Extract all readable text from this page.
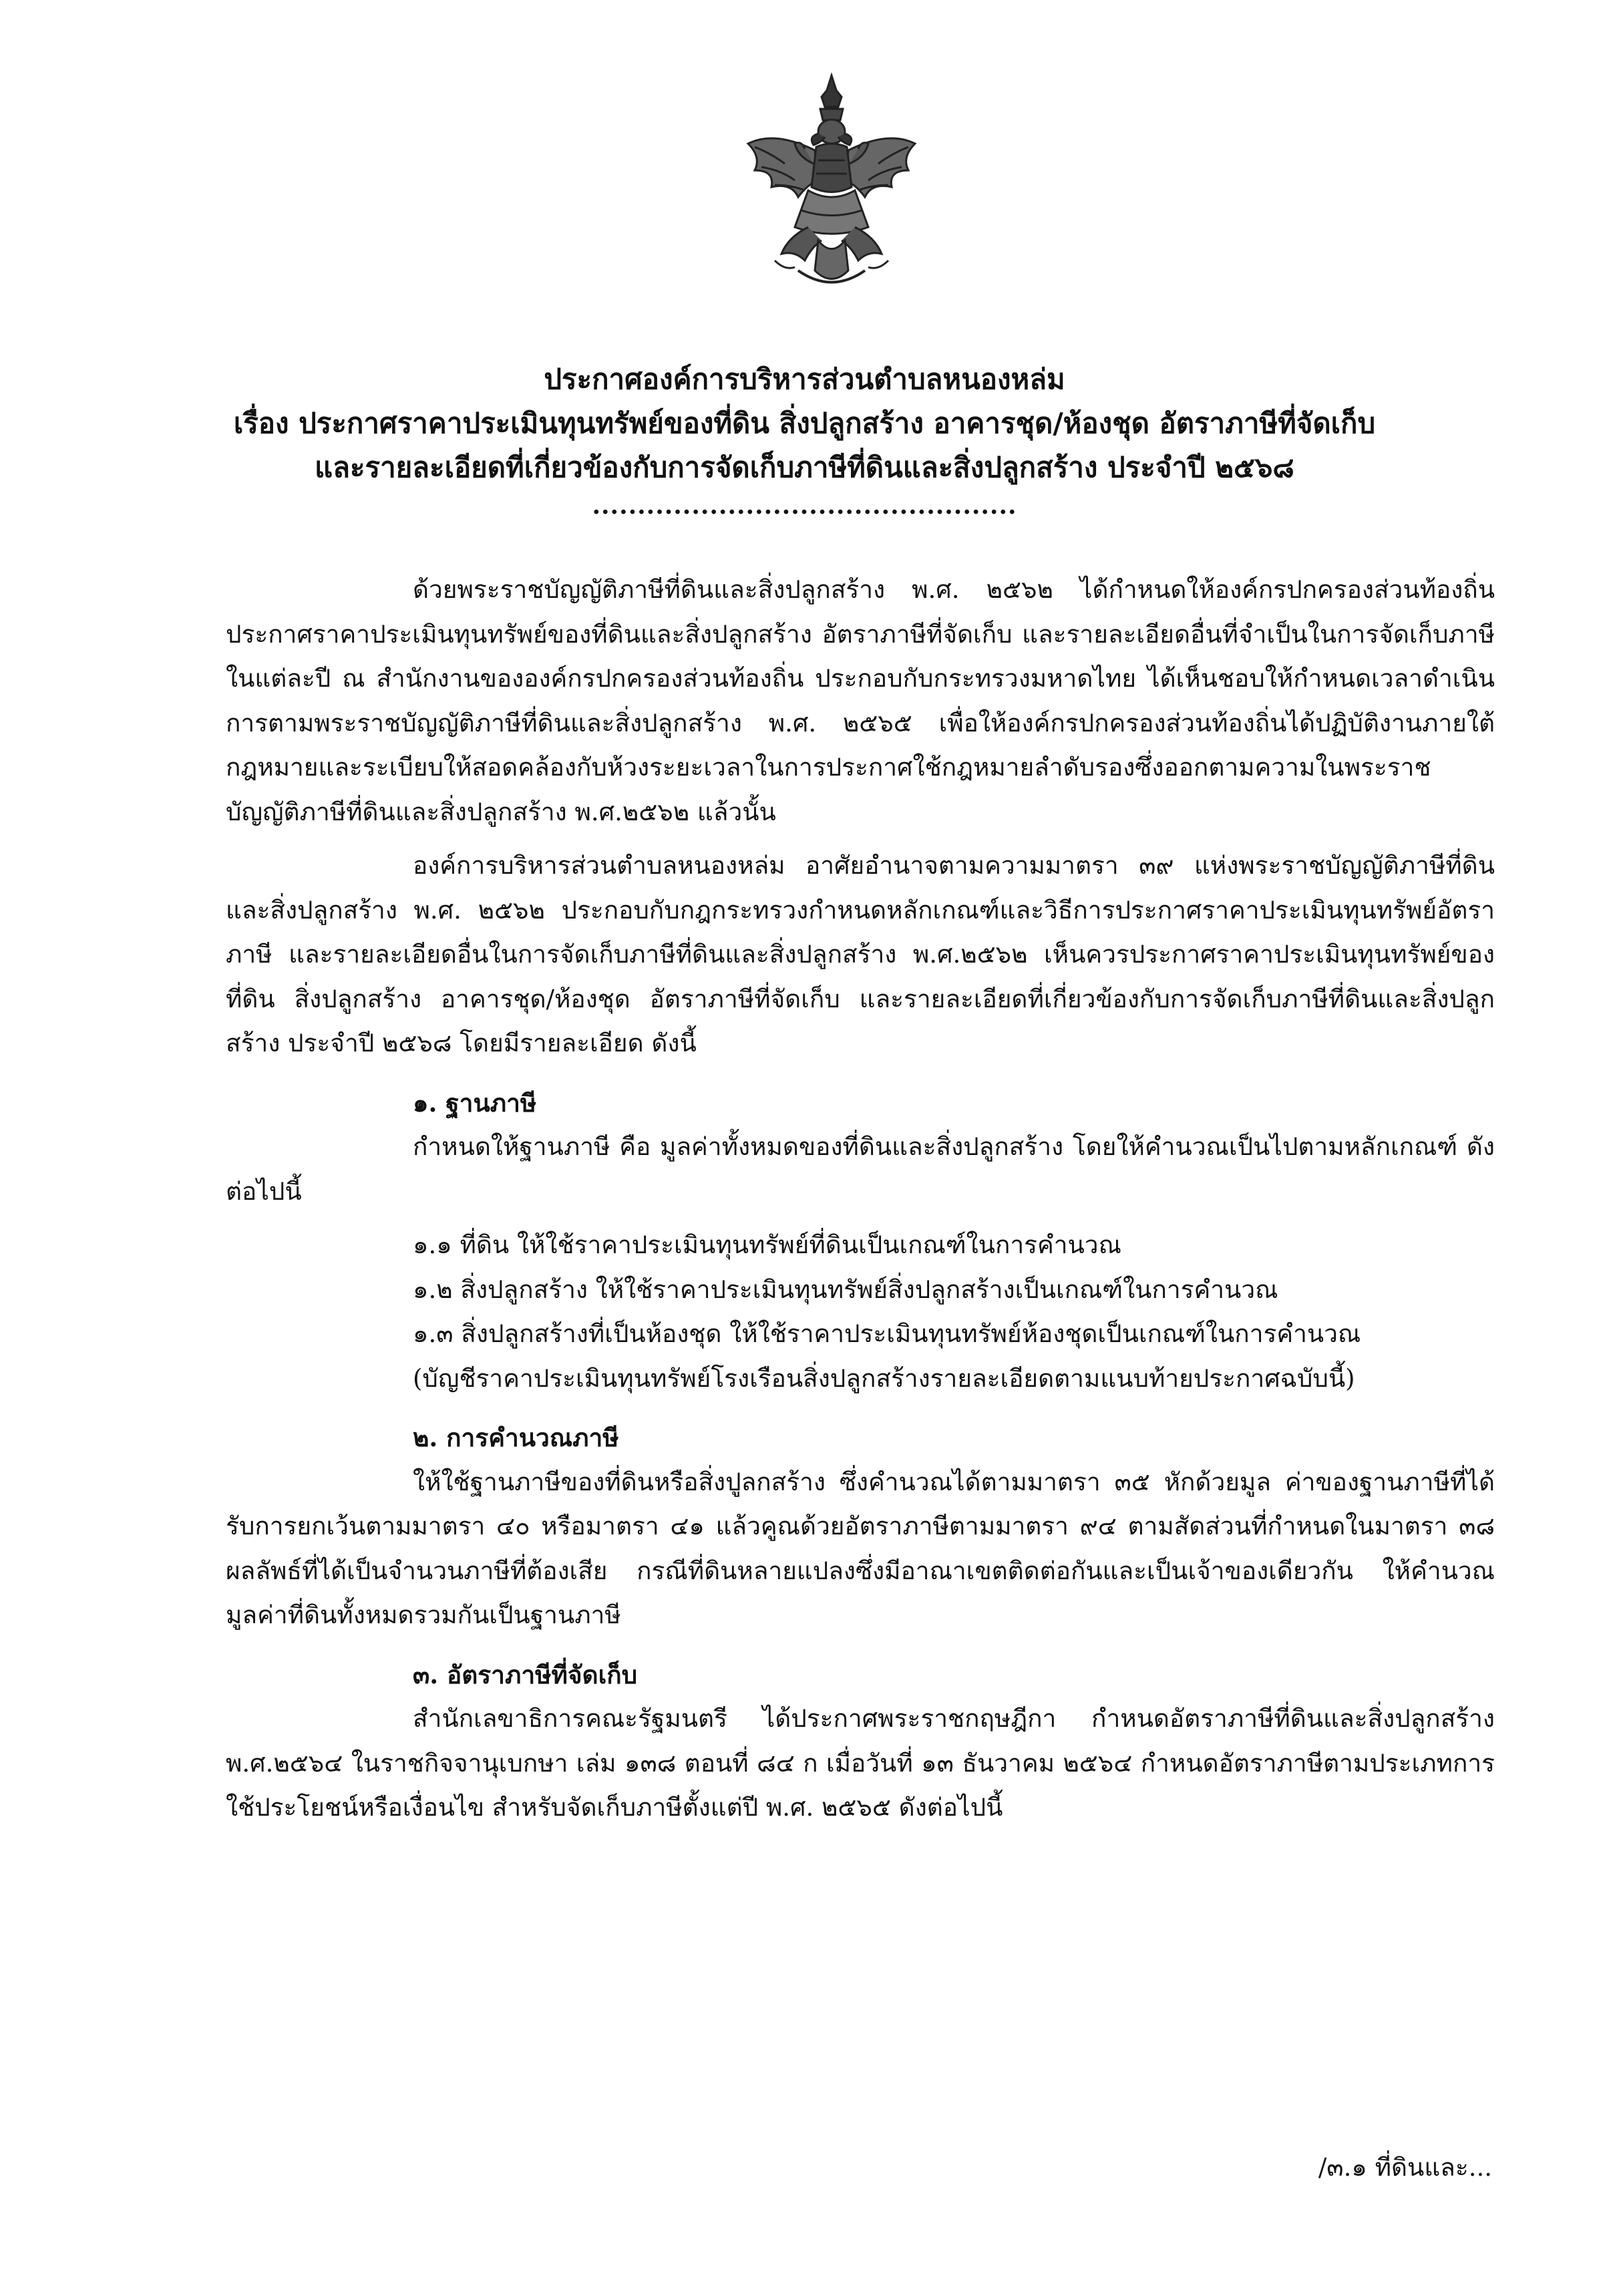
ประกาศองค์การบริหารส่วนตำบลหนองหล่ม
เรื่อง ประกาศราคาประเมินทุนทรัพย์ของที่ดิน สิ่งปลูกสร้าง อาคารชุด/ห้องชุด อัตราภาษีที่จัดเก็บ
และรายละเอียดที่เกี่ยวข้องกับการจัดเก็บภาษีที่ดินและสิ่งปลูกสร้าง ประจำปี ๒๕๖๘
...............................................

ด้วยพระราชบัญญัติภาษีที่ดินและสิ่งปลูกสร้าง พ.ศ. ๒๕๖๒ ได้กำหนดให้องค์กรปกครองส่วนท้องถิ่นประกาศราคาประเมินทุนทรัพย์ของที่ดินและสิ่งปลูกสร้าง อัตราภาษีที่จัดเก็บ และรายละเอียดอื่นที่จำเป็นในการจัดเก็บภาษีในแต่ละปี ณ สำนักงานขององค์กรปกครองส่วนท้องถิ่น ประกอบกับกระทรวงมหาดไทย ได้เห็นชอบให้กำหนดเวลาดำเนินการตามพระราชบัญญัติภาษีที่ดินและสิ่งปลูกสร้าง พ.ศ. ๒๕๖๕ เพื่อให้องค์กรปกครองส่วนท้องถิ่นได้ปฏิบัติงานภายใต้กฎหมายและระเบียบให้สอดคล้องกับห้วงระยะเวลาในการประกาศใช้กฎหมายลำดับรองซึ่งออกตามความในพระราชบัญญัติภาษีที่ดินและสิ่งปลูกสร้าง พ.ศ.๒๕๖๒ แล้วนั้น

องค์การบริหารส่วนตำบลหนองหล่ม อาศัยอำนาจตามความมาตรา ๓๙ แห่งพระราชบัญญัติภาษีที่ดินและสิ่งปลูกสร้าง พ.ศ. ๒๕๖๒ ประกอบกับกฎกระทรวงกำหนดหลักเกณฑ์และวิธีการประกาศราคาประเมินทุนทรัพย์อัตราภาษี และรายละเอียดอื่นในการจัดเก็บภาษีที่ดินและสิ่งปลูกสร้าง พ.ศ.๒๕๖๒ เห็นควรประกาศราคาประเมินทุนทรัพย์ของที่ดิน สิ่งปลูกสร้าง อาคารชุด/ห้องชุด อัตราภาษีที่จัดเก็บ และรายละเอียดที่เกี่ยวข้องกับการจัดเก็บภาษีที่ดินและสิ่งปลูกสร้าง ประจำปี ๒๕๖๘ โดยมีรายละเอียด ดังนี้

๑. ฐานภาษี

กำหนดให้ฐานภาษี คือ มูลค่าทั้งหมดของที่ดินและสิ่งปลูกสร้าง โดยให้คำนวณเป็นไปตามหลักเกณฑ์ ดังต่อไปนี้

๑.๑ ที่ดิน ให้ใช้ราคาประเมินทุนทรัพย์ที่ดินเป็นเกณฑ์ในการคำนวณ

๑.๒ สิ่งปลูกสร้าง ให้ใช้ราคาประเมินทุนทรัพย์สิ่งปลูกสร้างเป็นเกณฑ์ในการคำนวณ

๑.๓ สิ่งปลูกสร้างที่เป็นห้องชุด ให้ใช้ราคาประเมินทุนทรัพย์ห้องชุดเป็นเกณฑ์ในการคำนวณ

(บัญชีราคาประเมินทุนทรัพย์โรงเรือนสิ่งปลูกสร้างรายละเอียดตามแนบท้ายประกาศฉบับนี้)

๒. การคำนวณภาษี

ให้ใช้ฐานภาษีของที่ดินหรือสิ่งปูลกสร้าง ซึ่งคำนวณได้ตามมาตรา ๓๕ หักด้วยมูล ค่าของฐานภาษีที่ได้รับการยกเว้นตามมาตรา ๔๐ หรือมาตรา ๔๑ แล้วคูณด้วยอัตราภาษีตามมาตรา ๙๔ ตามสัดส่วนที่กำหนดในมาตรา ๓๘ ผลลัพธ์ที่ได้เป็นจำนวนภาษีที่ต้องเสีย กรณีที่ดินหลายแปลงซึ่งมีอาณาเขตติดต่อกันและเป็นเจ้าของเดียวกัน ให้คำนวณมูลค่าที่ดินทั้งหมดรวมกันเป็นฐานภาษี

๓. อัตราภาษีที่จัดเก็บ

สำนักเลขาธิการคณะรัฐมนตรี ได้ประกาศพระราชกฤษฎีกา กำหนดอัตราภาษีที่ดินและสิ่งปลูกสร้าง พ.ศ.๒๕๖๔ ในราชกิจจานุเบกษา เล่ม ๑๓๘ ตอนที่ ๘๔ ก เมื่อวันที่ ๑๓ ธันวาคม ๒๕๖๔ กำหนดอัตราภาษีตามประเภทการใช้ประโยชน์หรือเงื่อนไข สำหรับจัดเก็บภาษีตั้งแต่ปี พ.ศ. ๒๕๖๕ ดังต่อไปนี้

/๓.๑ ที่ดินและ...
